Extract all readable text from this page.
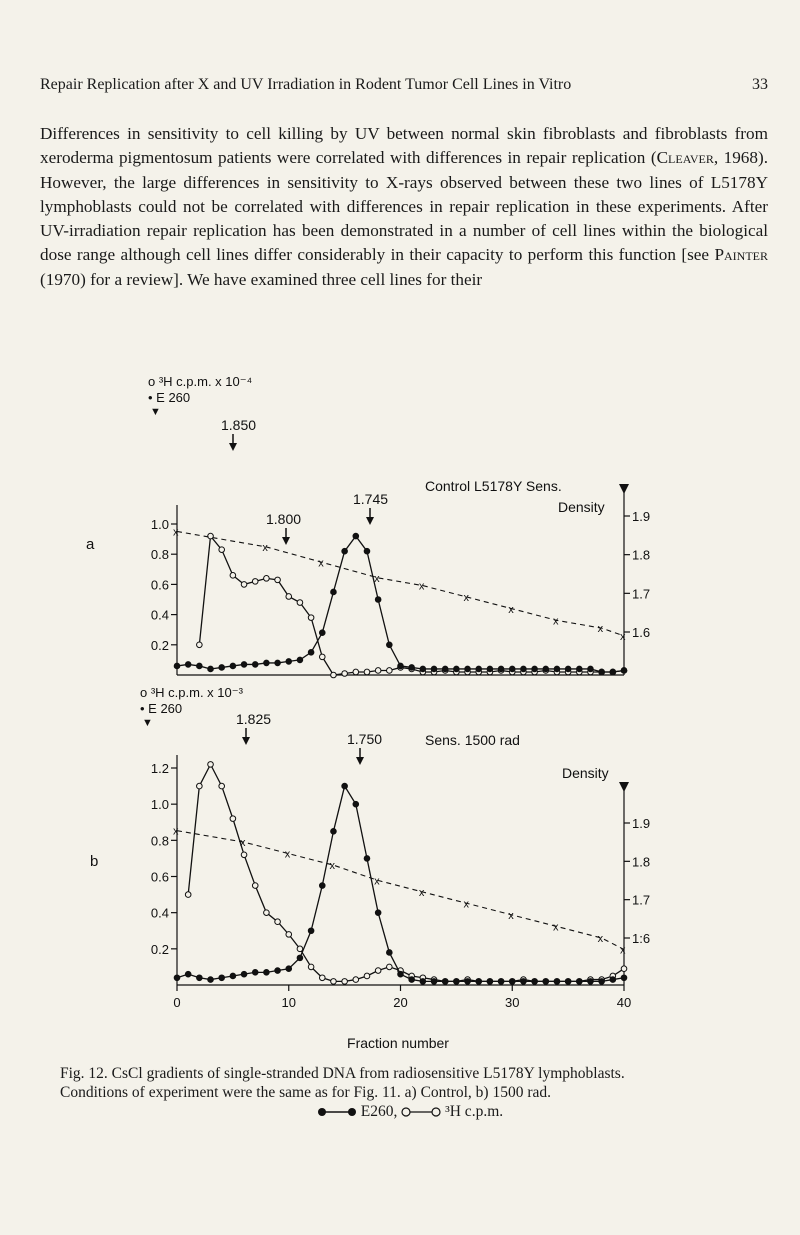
Repair Replication after X and UV Irradiation in Rodent Tumor Cell Lines in Vitro	33

Differences in sensitivity to cell killing by UV between normal skin fibroblasts and fibroblasts from xeroderma pigmentosum patients were correlated with differences in repair replication (Cleaver, 1968). However, the large differences in sensitivity to X-rays observed between these two lines of L5178Y lymphoblasts could not be correlated with differences in repair replication in these experiments. After UV-irradiation repair replication has been demonstrated in a number of cell lines within the biological dose range although cell lines differ considerably in their capacity to perform this function [see Painter (1970) for a review]. We have examined three cell lines for their

o ³H c.p.m. x 10⁻⁴
• E 260
▼
a
Control L5178Y Sens.
Density
1.0
0.8
0.6
0.4
0.2
1.9
1.8
1.7
1.6
x
x
x
x
x
x
x
x
x
x
1.850
1.745
1.800
o ³H c.p.m. x 10⁻³
• E 260
▼
b
Sens. 1500 rad
Density
1.2
1.0
0.8
0.6
0.4
0.2
1.9
1.8
1.7
1:6
x
x
x
x
x
x
x
x
x
x
x
1.825
1.750
0	10	20	30	40
Fraction number
Fig. 12. CsCl gradients of single-stranded DNA from radiosensitive L5178Y lymphoblasts.
Conditions of experiment were the same as for Fig. 11. a) Control, b) 1500 rad.
E260,	³H c.p.m.
